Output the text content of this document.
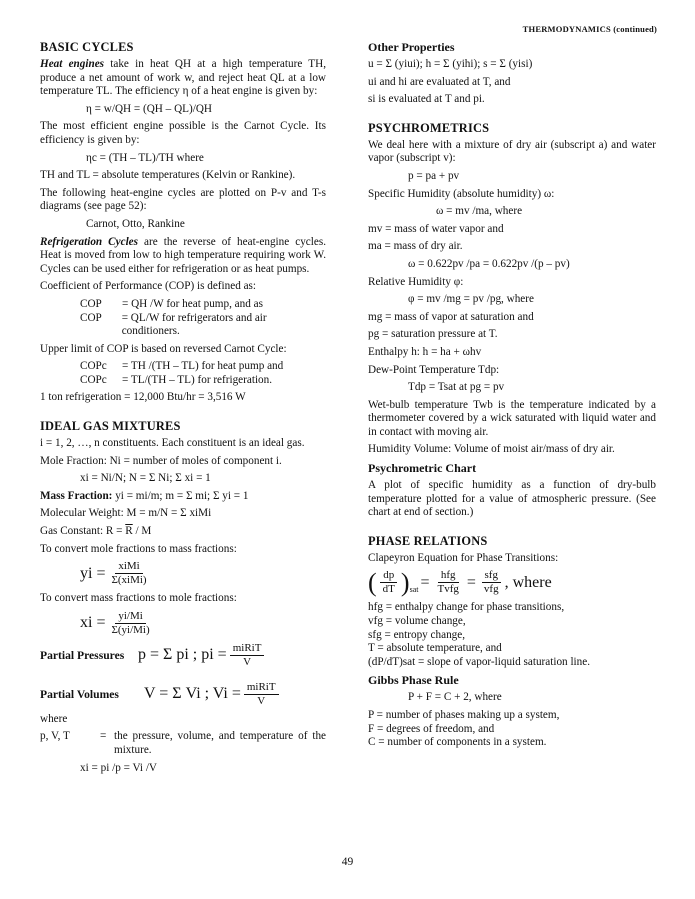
THERMODYNAMICS (continued)
BASIC CYCLES

Heat engines take in heat QH at a high temperature TH, produce a net amount of work w, and reject heat QL at a low temperature TL. The efficiency η of a heat engine is given by:

η = w/QH = (QH – QL)/QH

The most efficient engine possible is the Carnot Cycle. Its efficiency is given by:

ηc = (TH – TL)/TH where

TH and TL = absolute temperatures (Kelvin or Rankine).

The following heat-engine cycles are plotted on P-v and T-s diagrams (see page 52):

Carnot, Otto, Rankine

Refrigeration Cycles are the reverse of heat-engine cycles. Heat is moved from low to high temperature requiring work W. Cycles can be used either for refrigeration or as heat pumps.

Coefficient of Performance (COP) is defined as:

COP	= QH /W for heat pump, and as
COP	= QL/W for refrigerators and air conditioners.

Upper limit of COP is based on reversed Carnot Cycle:

COPc	= TH /(TH – TL) for heat pump and
COPc	= TL/(TH – TL) for refrigeration.

1 ton refrigeration = 12,000 Btu/hr = 3,516 W

IDEAL GAS MIXTURES

i = 1, 2, …, n constituents. Each constituent is an ideal gas.

Mole Fraction: Ni = number of moles of component i.

xi = Ni/N; N = Σ Ni; Σ xi = 1

Mass Fraction: yi = mi/m; m = Σ mi; Σ yi = 1

Molecular Weight: M = m/N = Σ xiMi

Gas Constant: $R = \overline{R} / M$

To convert mole fractions to mass fractions:

yi = $\frac{\text{xiMi}}{\text{Σ(xiMi)}}$

To convert mass fractions to mole fractions:

xi = $\frac{yi/Mi}{\Sigma(yi/Mi)}$
Partial Pressures p = Σ pi ; pi = $\frac{\text{miRiT}}{V}$
Partial Volumes	V = Σ Vi ; $Vi = \frac{\text{miRiT}}{V}$

where

p, V, T	= the pressure, volume, and temperature of the mixture.

xi = pi /p = Vi /V

Other Properties

u = Σ (yiui); h = Σ (yihi); s = Σ (yisi)

ui and hi are evaluated at T, and

si is evaluated at T and pi.

PSYCHROMETRICS

We deal here with a mixture of dry air (subscript a) and water vapor (subscript v):

p = pa + pv

Specific Humidity (absolute humidity) ω:

ω = mv /ma, where

mv = mass of water vapor and

ma = mass of dry air.

ω = 0.622pv /pa = 0.622pv /(p – pv)

Relative Humidity φ:

φ = mv /mg = pv /pg, where

mg = mass of vapor at saturation and

pg = saturation pressure at T.

Enthalpy h: h = ha + ωhv

Dew-Point Temperature Tdp:

Tdp = Tsat at pg = pv

Wet-bulb temperature Twb is the temperature indicated by a thermometer covered by a wick saturated with liquid water and in contact with moving air.

Humidity Volume: Volume of moist air/mass of dry air.

Psychrometric Chart

A plot of specific humidity as a function of dry-bulb temperature plotted for a value of atmospheric pressure. (See chart at end of section.)

PHASE RELATIONS

Clapeyron Equation for Phase Transitions:

( $\frac{dp}{dT}$ ) sat = $\frac{\text{hfg}}{\text{Tvfg}} = \frac{\text{sfg}}{\text{vfg}}$ , where
hfg = enthalpy change for phase transitions,
vfg = volume change,
sfg = entropy change,
T = absolute temperature, and
(dP/dT)sat = slope of vapor-liquid saturation line.
Gibbs Phase Rule

P + F = C + 2, where

P = number of phases making up a system,
F = degrees of freedom, and
C = number of components in a system.
49
